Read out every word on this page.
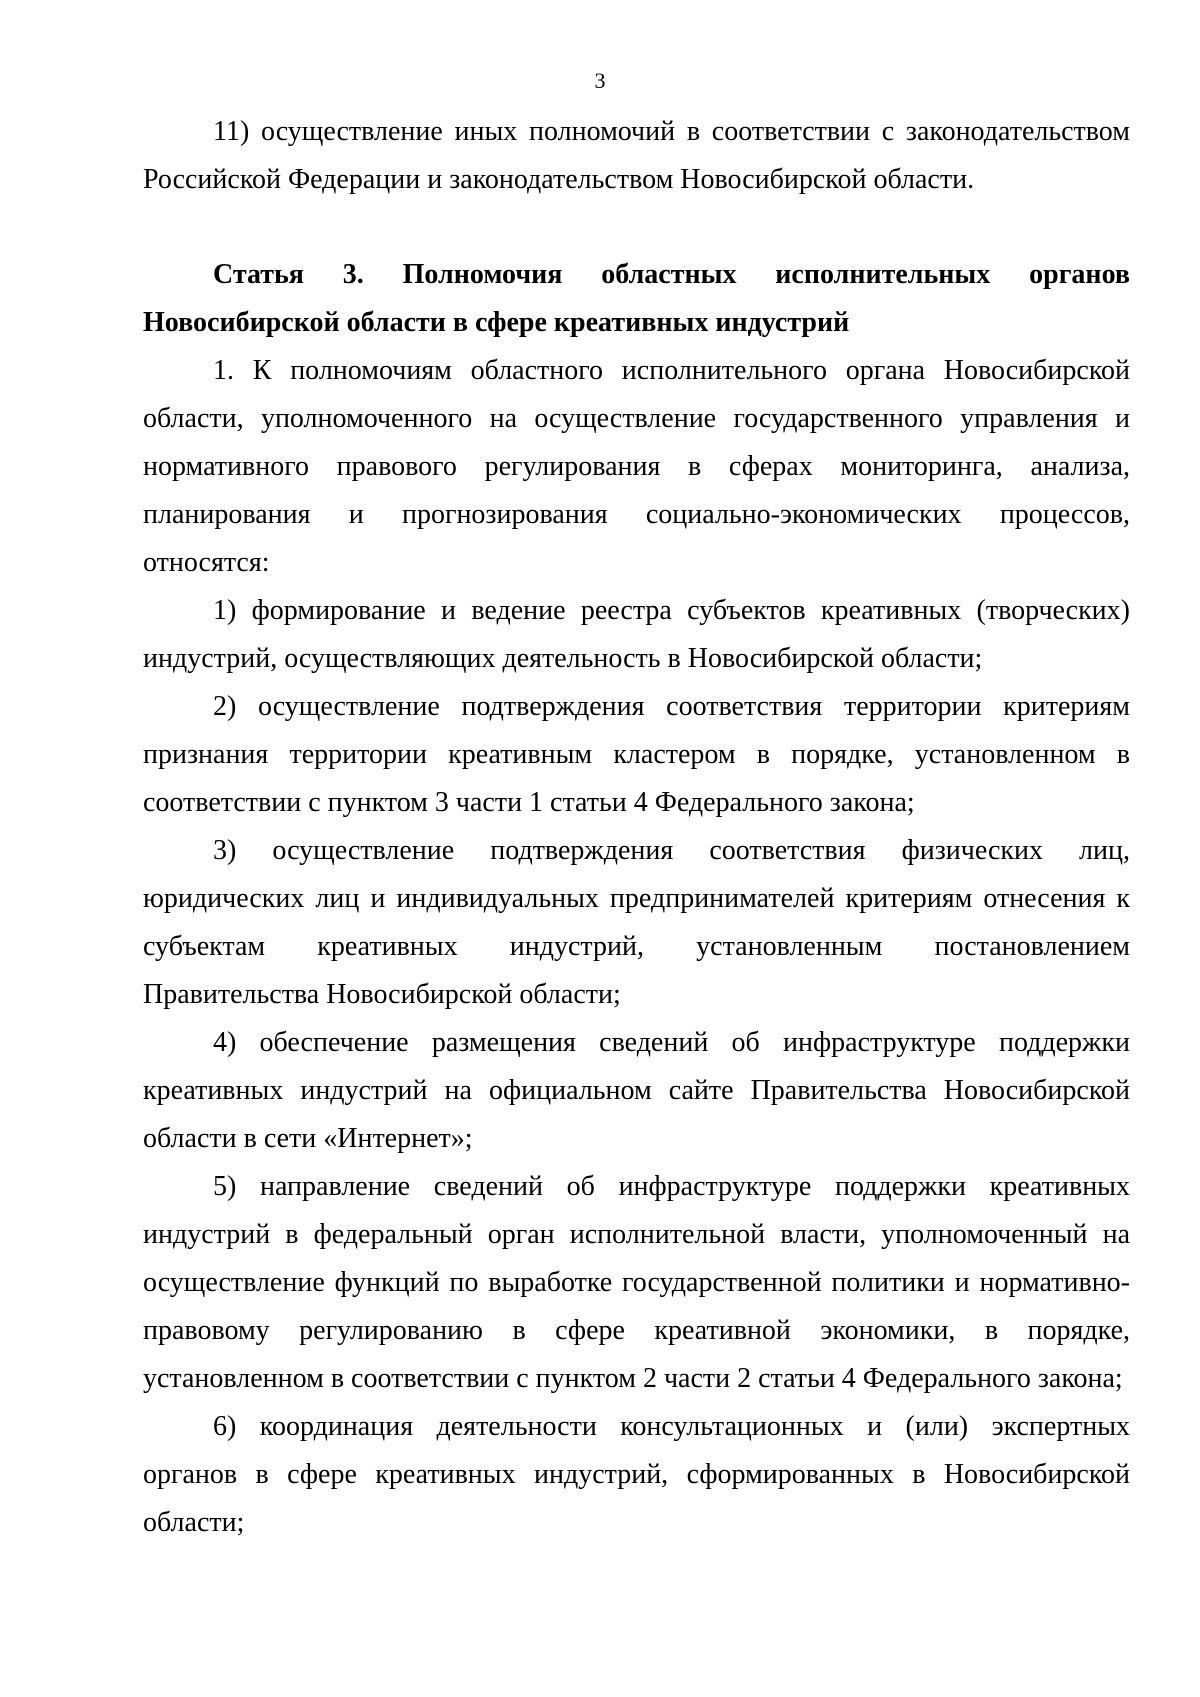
3

11) осуществление иных полномочий в соответствии с законодательством Российской Федерации и законодательством Новосибирской области.

Статья 3. Полномочия областных исполнительных органов Новосибирской области в сфере креативных индустрий

1. К полномочиям областного исполнительного органа Новосибирской области, уполномоченного на осуществление государственного управления и нормативного правового регулирования в сферах мониторинга, анализа, планирования и прогнозирования социально-экономических процессов, относятся:

1) формирование и ведение реестра субъектов креативных (творческих) индустрий, осуществляющих деятельность в Новосибирской области;

2) осуществление подтверждения соответствия территории критериям признания территории креативным кластером в порядке, установленном в соответствии с пунктом 3 части 1 статьи 4 Федерального закона;

3) осуществление подтверждения соответствия физических лиц, юридических лиц и индивидуальных предпринимателей критериям отнесения к субъектам креативных индустрий, установленным постановлением Правительства Новосибирской области;

4) обеспечение размещения сведений об инфраструктуре поддержки креативных индустрий на официальном сайте Правительства Новосибирской области в сети «Интернет»;

5) направление сведений об инфраструктуре поддержки креативных индустрий в федеральный орган исполнительной власти, уполномоченный на осуществление функций по выработке государственной политики и нормативно-правовому регулированию в сфере креативной экономики, в порядке, установленном в соответствии с пунктом 2 части 2 статьи 4 Федерального закона;

6) координация деятельности консультационных и (или) экспертных органов в сфере креативных индустрий, сформированных в Новосибирской области;
